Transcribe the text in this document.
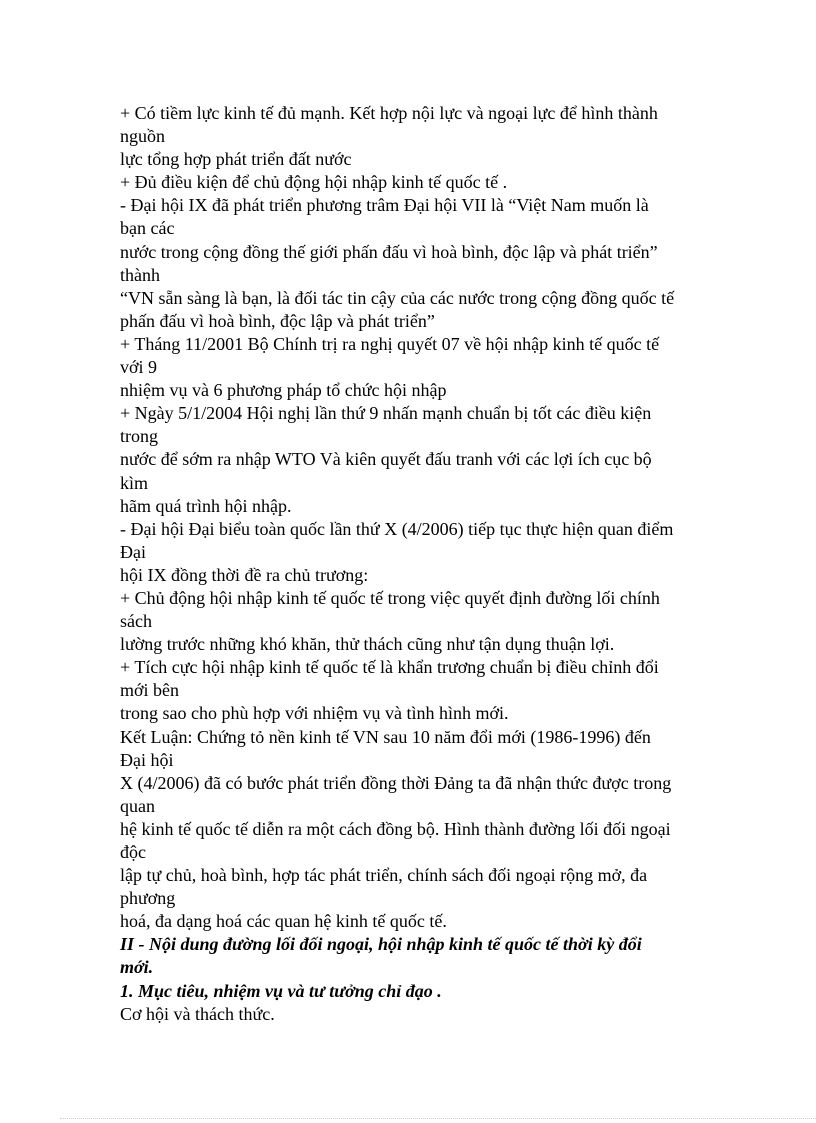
+ Có tiềm lực kinh tế đủ mạnh. Kết hợp nội lực và ngoại lực để hình thành

nguồn

lực tổng hợp phát triển đất nước

+ Đủ điều kiện để chủ động hội nhập kinh tế quốc tế .

- Đại hội IX đã phát triển phương trâm Đại hội VII là “Việt Nam muốn là

bạn các

nước trong cộng đồng thế giới phấn đấu vì hoà bình, độc lập và phát triển”

thành

“VN sẵn sàng là bạn, là đối tác tin cậy của các nước trong cộng đồng quốc tế

phấn đấu vì hoà bình, độc lập và phát triển”

+ Tháng 11/2001 Bộ Chính trị ra nghị quyết 07 về hội nhập kinh tế quốc tế

với 9

nhiệm vụ và 6 phương pháp tổ chức hội nhập

+ Ngày 5/1/2004 Hội nghị lần thứ 9 nhấn mạnh chuẩn bị tốt các điều kiện

trong

nước để sớm ra nhập WTO Và kiên quyết đấu tranh với các lợi ích cục bộ

kìm

hãm quá trình hội nhập.

- Đại hội Đại biểu toàn quốc lần thứ X (4/2006) tiếp tục thực hiện quan điểm

Đại

hội IX đồng thời đề ra chủ trương:

+ Chủ động hội nhập kinh tế quốc tế trong việc quyết định đường lối chính

sách

lường trước những khó khăn, thử thách cũng như tận dụng thuận lợi.

+ Tích cực hội nhập kinh tế quốc tế là khẩn trương chuẩn bị điều chỉnh đổi

mới bên

trong sao cho phù hợp với nhiệm vụ và tình hình mới.

Kết Luận: Chứng tỏ nền kinh tế VN sau 10 năm đổi mới (1986-1996) đến

Đại hội

X (4/2006) đã có bước phát triển đồng thời Đảng ta đã nhận thức được trong

quan

hệ kinh tế quốc tế diễn ra một cách đồng bộ. Hình thành đường lối đối ngoại

độc

lập tự chủ, hoà bình, hợp tác phát triển, chính sách đối ngoại rộng mở, đa

phương

hoá, đa dạng hoá các quan hệ kinh tế quốc tế.

II - Nội dung đường lối đối ngoại, hội nhập kinh tế quốc tế thời kỳ đổi

mới.

1. Mục tiêu, nhiệm vụ và tư tưởng chỉ đạo .

Cơ hội và thách thức.
